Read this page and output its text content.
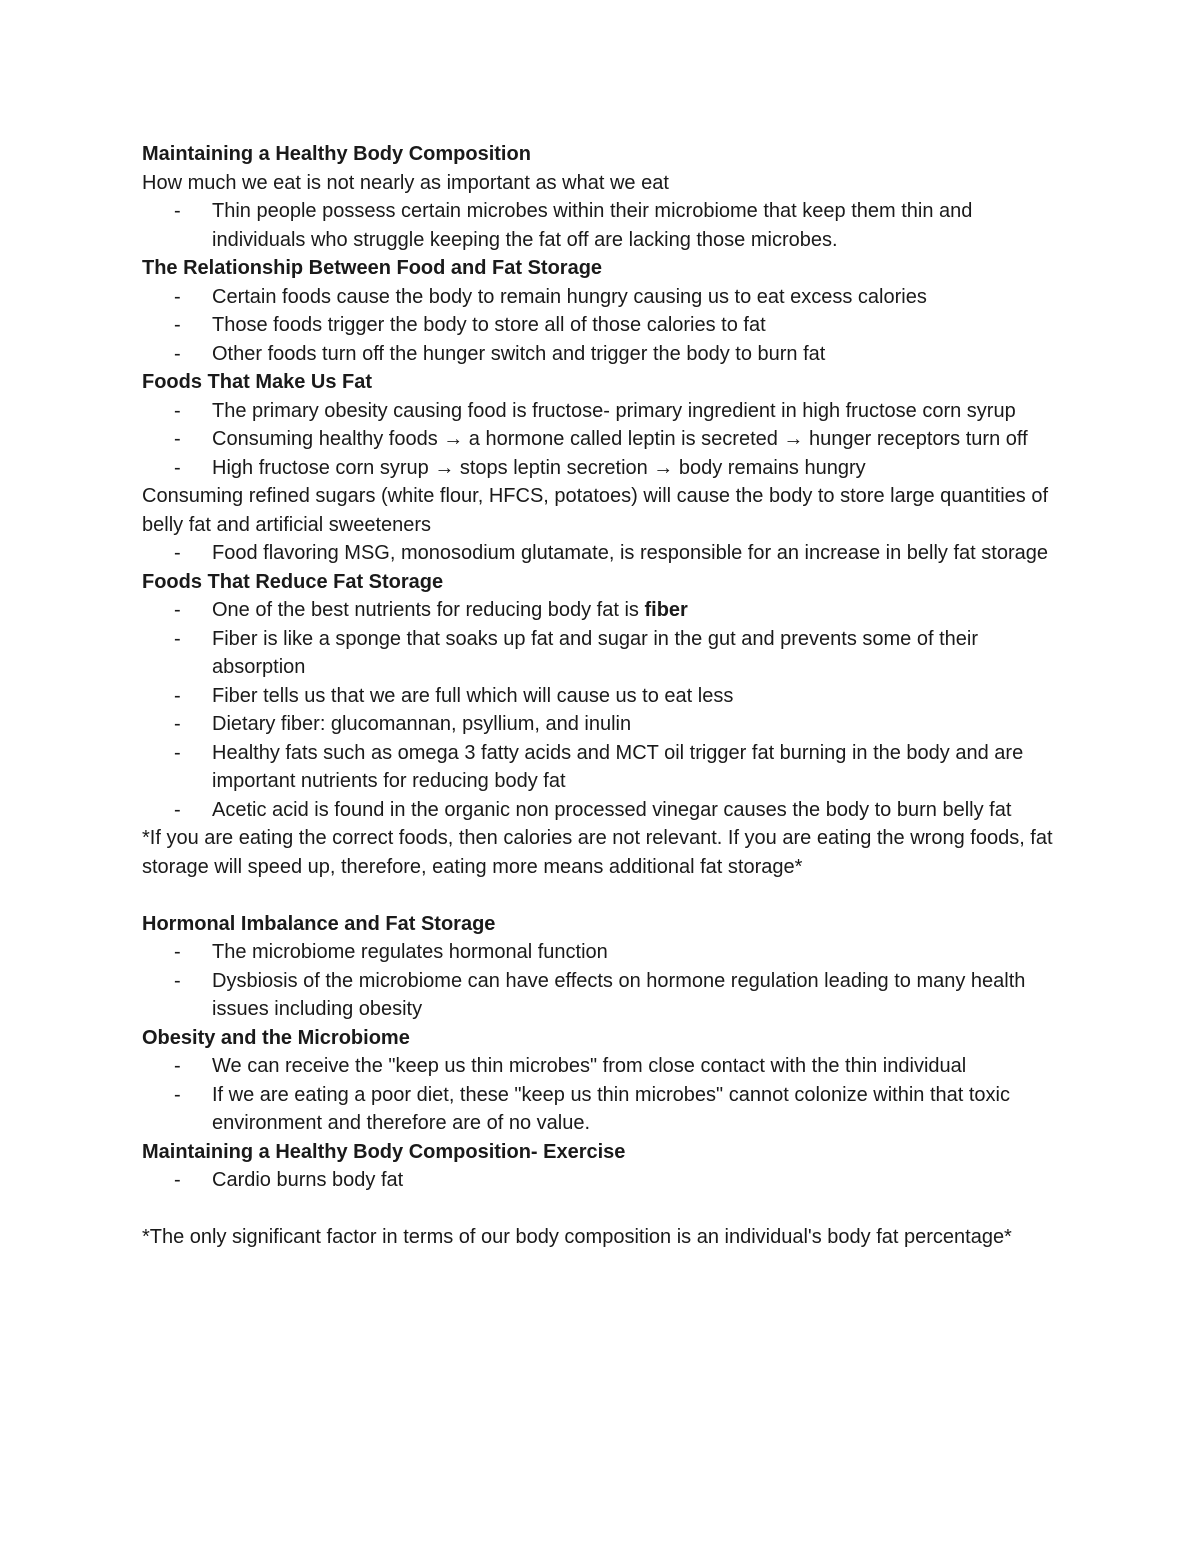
Maintaining a Healthy Body Composition

How much we eat is not nearly as important as what we eat

- Thin people possess certain microbes within their microbiome that keep them thin and individuals who struggle keeping the fat off are lacking those microbes.

The Relationship Between Food and Fat Storage

- Certain foods cause the body to remain hungry causing us to eat excess calories
- Those foods trigger the body to store all of those calories to fat
- Other foods turn off the hunger switch and trigger the body to burn fat

Foods That Make Us Fat

- The primary obesity causing food is fructose- primary ingredient in high fructose corn syrup
- Consuming healthy foods → a hormone called leptin is secreted → hunger receptors turn off
- High fructose corn syrup → stops leptin secretion → body remains hungry

Consuming refined sugars (white flour, HFCS, potatoes) will cause the body to store large quantities of belly fat and artificial sweeteners

- Food flavoring MSG, monosodium glutamate, is responsible for an increase in belly fat storage

Foods That Reduce Fat Storage

- One of the best nutrients for reducing body fat is fiber
- Fiber is like a sponge that soaks up fat and sugar in the gut and prevents some of their absorption
- Fiber tells us that we are full which will cause us to eat less
- Dietary fiber: glucomannan, psyllium, and inulin
- Healthy fats such as omega 3 fatty acids and MCT oil trigger fat burning in the body and are important nutrients for reducing body fat
- Acetic acid is found in the organic non processed vinegar causes the body to burn belly fat

*If you are eating the correct foods, then calories are not relevant. If you are eating the wrong foods, fat storage will speed up, therefore, eating more means additional fat storage*

Hormonal Imbalance and Fat Storage

- The microbiome regulates hormonal function
- Dysbiosis of the microbiome can have effects on hormone regulation leading to many health issues including obesity

Obesity and the Microbiome

- We can receive the "keep us thin microbes" from close contact with the thin individual
- If we are eating a poor diet, these "keep us thin microbes" cannot colonize within that toxic environment and therefore are of no value.

Maintaining a Healthy Body Composition- Exercise

- Cardio burns body fat

*The only significant factor in terms of our body composition is an individual's body fat percentage*
